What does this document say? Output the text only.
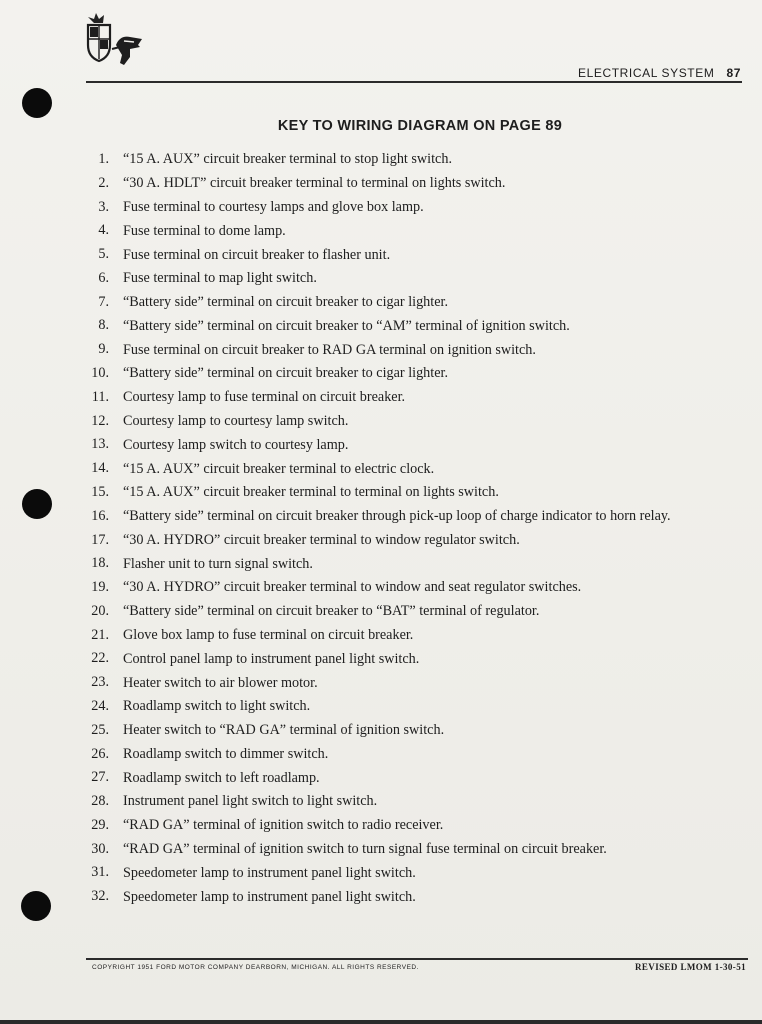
ELECTRICAL SYSTEM 87
KEY TO WIRING DIAGRAM ON PAGE 89
1. “15 A. AUX” circuit breaker terminal to stop light switch.
2. “30 A. HDLT” circuit breaker terminal to terminal on lights switch.
3. Fuse terminal to courtesy lamps and glove box lamp.
4. Fuse terminal to dome lamp.
5. Fuse terminal on circuit breaker to flasher unit.
6. Fuse terminal to map light switch.
7. “Battery side” terminal on circuit breaker to cigar lighter.
8. “Battery side” terminal on circuit breaker to “AM” terminal of ignition switch.
9. Fuse terminal on circuit breaker to RAD GA terminal on ignition switch.
10. “Battery side” terminal on circuit breaker to cigar lighter.
11. Courtesy lamp to fuse terminal on circuit breaker.
12. Courtesy lamp to courtesy lamp switch.
13. Courtesy lamp switch to courtesy lamp.
14. “15 A. AUX” circuit breaker terminal to electric clock.
15. “15 A. AUX” circuit breaker terminal to terminal on lights switch.
16. “Battery side” terminal on circuit breaker through pick-up loop of charge indicator to horn relay.
17. “30 A. HYDRO” circuit breaker terminal to window regulator switch.
18. Flasher unit to turn signal switch.
19. “30 A. HYDRO” circuit breaker terminal to window and seat regulator switches.
20. “Battery side” terminal on circuit breaker to “BAT” terminal of regulator.
21. Glove box lamp to fuse terminal on circuit breaker.
22. Control panel lamp to instrument panel light switch.
23. Heater switch to air blower motor.
24. Roadlamp switch to light switch.
25. Heater switch to “RAD GA” terminal of ignition switch.
26. Roadlamp switch to dimmer switch.
27. Roadlamp switch to left roadlamp.
28. Instrument panel light switch to light switch.
29. “RAD GA” terminal of ignition switch to radio receiver.
30. “RAD GA” terminal of ignition switch to turn signal fuse terminal on circuit breaker.
31. Speedometer lamp to instrument panel light switch.
32. Speedometer lamp to instrument panel light switch.
COPYRIGHT 1951 FORD MOTOR COMPANY DEARBORN, MICHIGAN. ALL RIGHTS RESERVED.	REVISED LMOM 1-30-51
